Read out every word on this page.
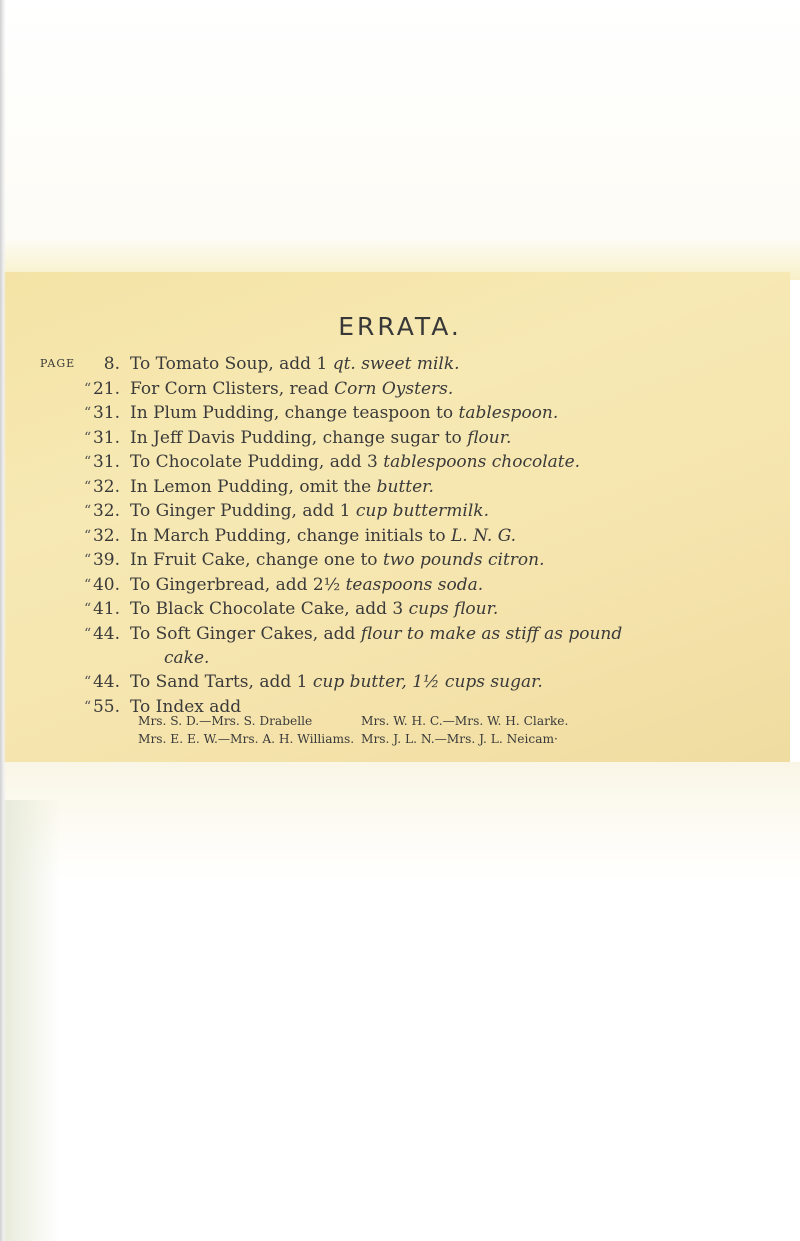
ERRATA.
PAGE	8. To Tomato Soup, add 1 qt. sweet milk.
“ 21. For Corn Clisters, read Corn Oysters.
“ 31. In Plum Pudding, change teaspoon to tablespoon.
“ 31. In Jeff Davis Pudding, change sugar to flour.
“ 31. To Chocolate Pudding, add 3 tablespoons chocolate.
“ 32. In Lemon Pudding, omit the butter.
“ 32. To Ginger Pudding, add 1 cup buttermilk.
“ 32. In March Pudding, change initials to L. N. G.
“ 39. In Fruit Cake, change one to two pounds citron.
“ 40. To Gingerbread, add 2½ teaspoons soda.
“ 41. To Black Chocolate Cake, add 3 cups flour.
“ 44. To Soft Ginger Cakes, add flour to make as stiff as pound
cake.
“ 44. To Sand Tarts, add 1 cup butter, 1½ cups sugar.
“ 55. To Index add
Mrs. S. D.—Mrs. S. Drabelle	Mrs. W. H. C.—Mrs. W. H. Clarke.
Mrs. E. E. W.—Mrs. A. H. Williams. Mrs. J. L. N.—Mrs. J. L. Neicam·
